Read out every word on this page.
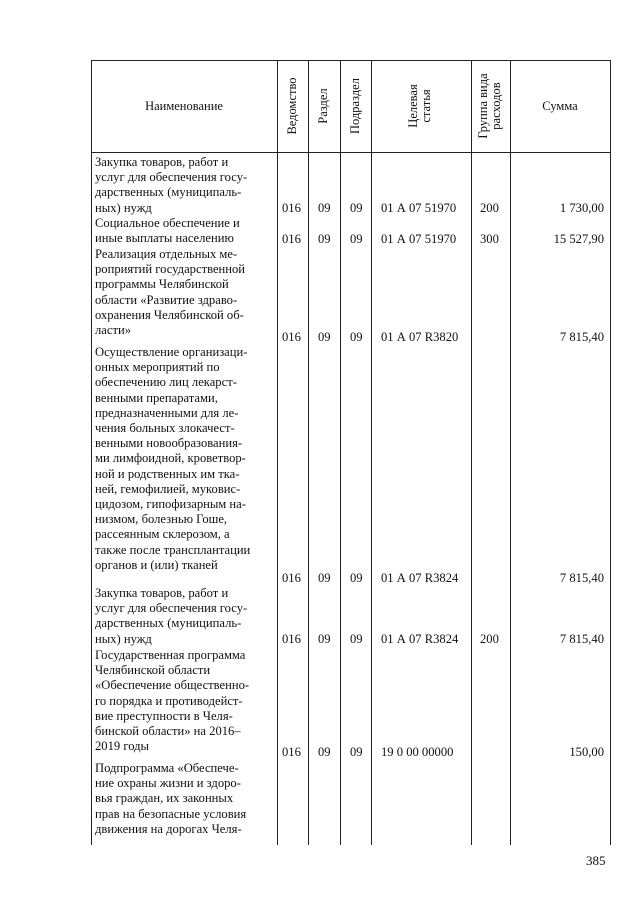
Наименование	Ведомство Раздел Подраздел	Целевая статья	Группа вида расходов	Сумма
Закупка товаров, работ и
услуг для обеспечения госу-
дарственных (муниципаль-
ных) нужд	016 09 09 01 А 07 51970 200	1 730,00
Социальное обеспечение и
иные выплаты населению	016 09 09 01 А 07 51970 300	15 527,90
Реализация отдельных ме-
роприятий государственной
программы Челябинской
области «Развитие здраво-
охранения Челябинской об-
ласти»	016 09 09 01 А 07 R3820	7 815,40
Осуществление организаци-
онных мероприятий по
обеспечению лиц лекарст-
венными препаратами,
предназначенными для ле-
чения больных злокачест-
венными новообразования-
ми лимфоидной, кроветвор-
ной и родственных им тка-
ней, гемофилией, муковис-
цидозом, гипофизарным на-
низмом, болезнью Гоше,
рассеянным склерозом, а
также после трансплантации
органов и (или) тканей
016 09 09 01 А 07 R3824	7 815,40
Закупка товаров, работ и
услуг для обеспечения госу-
дарственных (муниципаль-
ных) нужд	016 09 09 01 А 07 R3824 200	7 815,40
Государственная программа
Челябинской области
«Обеспечение общественно-
го порядка и противодейст-
вие преступности в Челя-
бинской области» на 2016–
2019 годы	016 09 09 19 0 00 00000	150,00
Подпрограмма «Обеспече-
ние охраны жизни и здоро-
вья граждан, их законных
прав на безопасные условия
движения на дорогах Челя-
385
